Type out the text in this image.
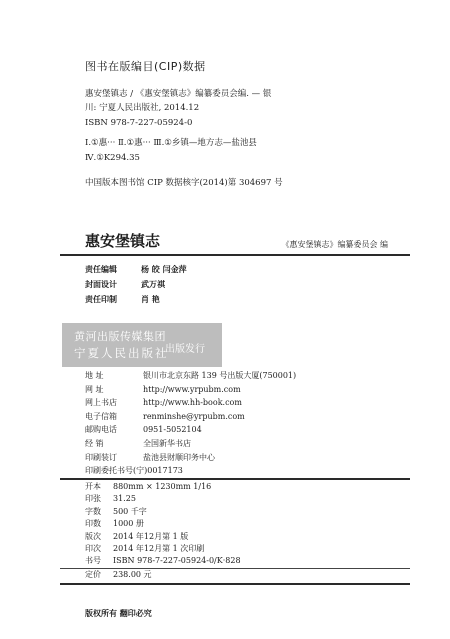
图书在版编目(CIP)数据
惠安堡镇志 / 《惠安堡镇志》编纂委员会编. — 银
川: 宁夏人民出版社, 2014.12
ISBN 978-7-227-05924-0
Ⅰ.①惠··· Ⅱ.①惠··· Ⅲ.①乡镇—地方志—盐池县
Ⅳ.①K294.35
中国版本图书馆 CIP 数据核字(2014)第 304697 号
惠安堡镇志	《惠安堡镇志》编纂委员会 编
责任编辑	杨 皎 闫金萍
封面设计	武万祺
责任印制	肖 艳
黄河出版传媒集团
宁夏人民出版社
出版发行
地 址	银川市北京东路 139 号出版大厦(750001)
网 址	http://www.yrpubm.com
网上书店	http://www.hh-book.com
电子信箱	renminshe@yrpubm.com
邮购电话	0951-5052104
经 销	全国新华书店
印刷装订	盐池县财顺印务中心
印刷委托书号(宁)0017173
开本 880mm × 1230mm 1/16
印张 31.25
字数 500 千字
印数 1000 册
版次 2014 年12月第 1 版
印次 2014 年12月第 1 次印刷
书号 ISBN 978-7-227-05924-0/K·828
定价 238.00 元
版权所有 翻印必究
